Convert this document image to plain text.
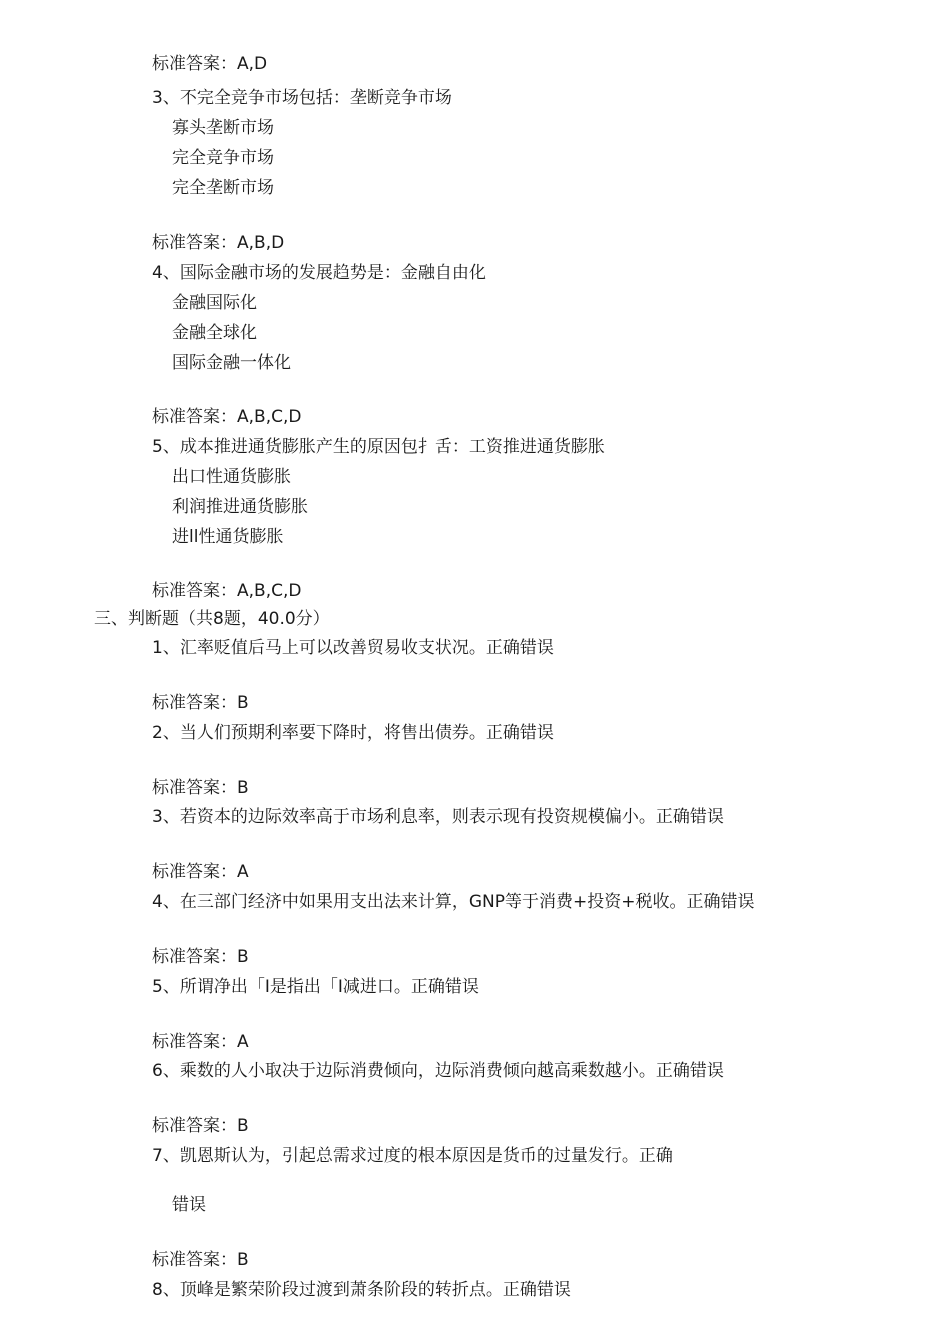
标准答案：A,D
3、不完全竞争市场包括：垄断竞争市场
寡头垄断市场
完全竞争市场
完全垄断市场
标准答案：A,B,D
4、国际金融市场的发展趋势是：金融自由化
金融国际化
金融全球化
国际金融一体化
标准答案：A,B,C,D
5、成本推进通货膨胀产生的原因包扌舌：工资推进通货膨胀
出口性通货膨胀
利润推进通货膨胀
进ll性通货膨胀
标准答案：A,B,C,D
三、判断题（共8题，40.0分）
1、汇率贬值后马上可以改善贸易收支状况。正确错误
标准答案：B
2、当人们预期利率要下降时，将售出债券。正确错误
标准答案：B
3、若资本的边际效率高于市场利息率，则表示现有投资规模偏小。正确错误
标准答案：A
4、在三部门经济中如果用支出法来计算，GNP等于消费+投资+税收。正确错误
标准答案：B
5、所谓净出「I是指出「I减进口。正确错误
标准答案：A
6、乘数的人小取决于边际消费倾向，边际消费倾向越高乘数越小。正确错误
标准答案：B
7、凯恩斯认为，引起总需求过度的根本原因是货币的过量发行。正确
错误
标准答案：B
8、顶峰是繁荣阶段过渡到萧条阶段的转折点。正确错误
